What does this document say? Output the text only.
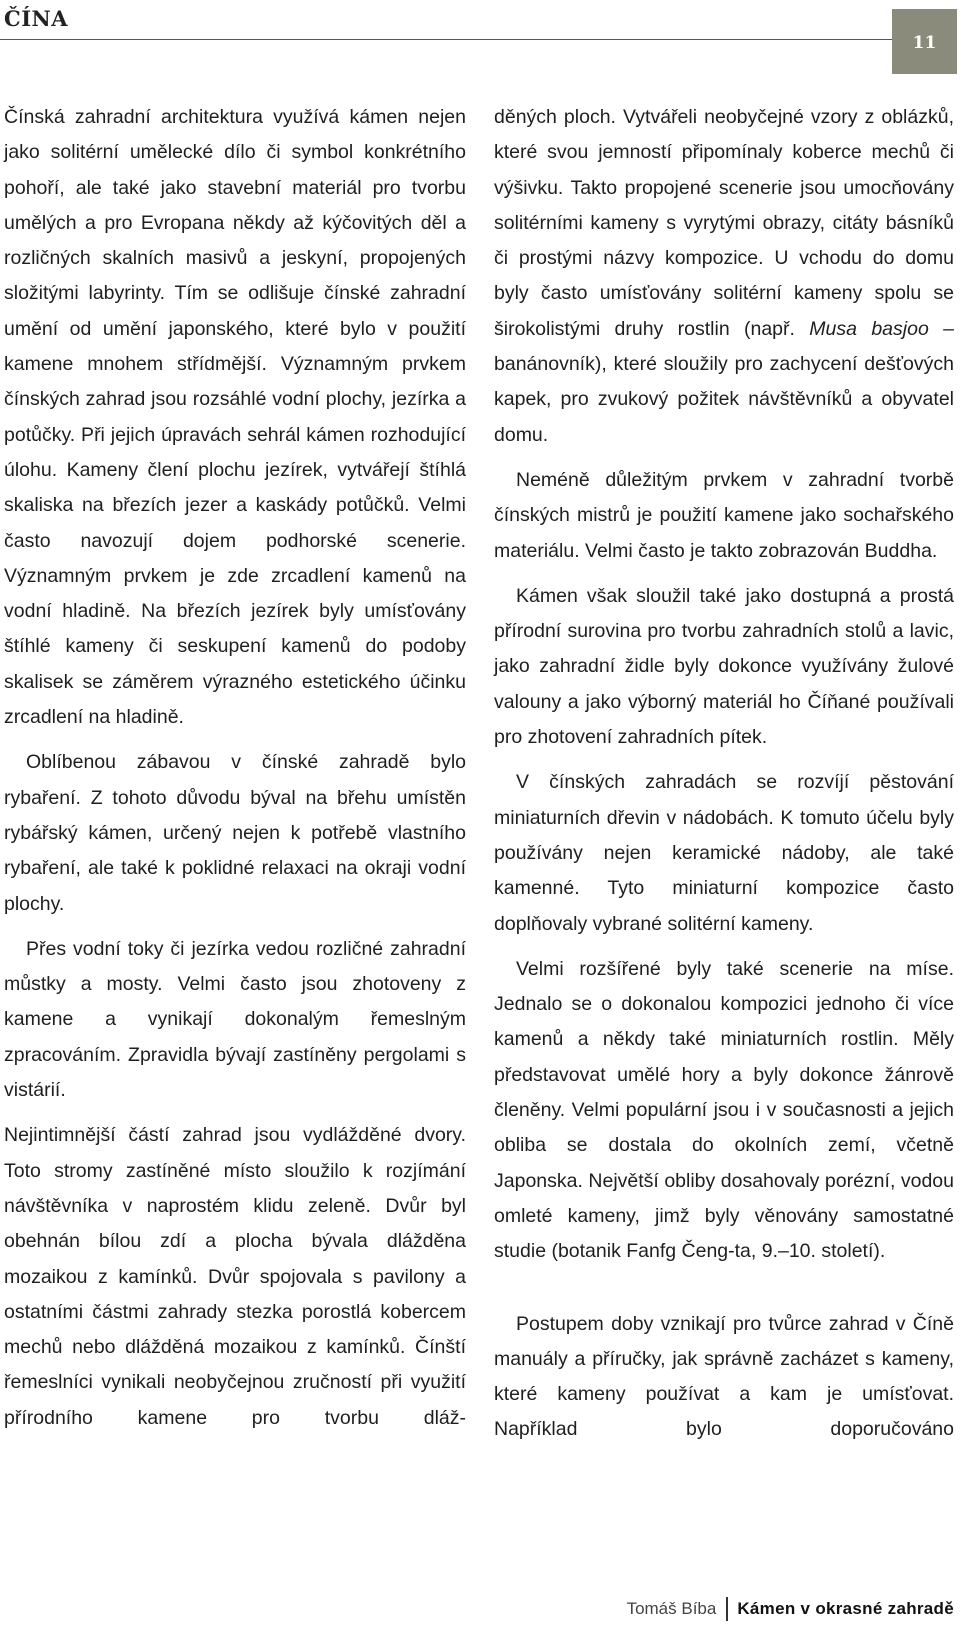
ČÍNA
11

Čínská zahradní architektura využívá kámen nejen jako solitérní umělecké dílo či symbol konkrétního pohoří, ale také jako stavební materiál pro tvorbu umělých a pro Evropana někdy až kýčovitých děl a rozličných skalních masivů a jeskyní, propojených složitými labyrinty. Tím se odlišuje čínské zahradní umění od umění japonského, které bylo v použití kamene mnohem střídmější. Významným prvkem čínských zahrad jsou rozsáhlé vodní plochy, jezírka a potůčky. Při jejich úpravách sehrál kámen rozhodující úlohu. Kameny člení plochu jezírek, vytvářejí štíhlá skaliska na březích jezer a kaskády potůčků. Velmi často navozují dojem podhorské scenerie. Významným prvkem je zde zrcadlení kamenů na vodní hladině. Na březích jezírek byly umísťovány štíhlé kameny či seskupení kamenů do podoby skalisek se záměrem výrazného estetického účinku zrcadlení na hladině.

Oblíbenou zábavou v čínské zahradě bylo rybaření. Z tohoto důvodu býval na břehu umístěn rybářský kámen, určený nejen k potřebě vlastního rybaření, ale také k poklidné relaxaci na okraji vodní plochy.

Přes vodní toky či jezírka vedou rozličné zahradní můstky a mosty. Velmi často jsou zhotoveny z kamene a vynikají dokonalým řemeslným zpracováním. Zpravidla bývají zastíněny pergolami s vistárií.

Nejintimnější částí zahrad jsou vydlážděné dvory. Toto stromy zastíněné místo sloužilo k rozjímání návštěvníka v naprostém klidu zeleně. Dvůr byl obehnán bílou zdí a plocha bývala dlážděna mozaikou z kamínků. Dvůr spojovala s pavilony a ostatními částmi zahrady stezka porostlá kobercem mechů nebo dlážděná mozaikou z kamínků. Čínští řemeslníci vynikali neobyčejnou zručností při využití přírodního kamene pro tvorbu dláž-

děných ploch. Vytvářeli neobyčejné vzory z oblázků, které svou jemností připomínaly koberce mechů či výšivku. Takto propojené scenerie jsou umocňovány solitérními kameny s vyrytými obrazy, citáty básníků či prostými názvy kompozice. U vchodu do domu byly často umísťovány solitérní kameny spolu se širokolistými druhy rostlin (např. Musa basjoo – banánovník), které sloužily pro zachycení dešťových kapek, pro zvukový požitek návštěvníků a obyvatel domu.

Neméně důležitým prvkem v zahradní tvorbě čínských mistrů je použití kamene jako sochařského materiálu. Velmi často je takto zobrazován Buddha.

Kámen však sloužil také jako dostupná a prostá přírodní surovina pro tvorbu zahradních stolů a lavic, jako zahradní židle byly dokonce využívány žulové valouny a jako výborný materiál ho Číňané používali pro zhotovení zahradních pítek.

V čínských zahradách se rozvíjí pěstování miniaturních dřevin v nádobách. K tomuto účelu byly používány nejen keramické nádoby, ale také kamenné. Tyto miniaturní kompozice často doplňovaly vybrané solitérní kameny.

Velmi rozšířené byly také scenerie na míse. Jednalo se o dokonalou kompozici jednoho či více kamenů a někdy také miniaturních rostlin. Měly představovat umělé hory a byly dokonce žánrově členěny. Velmi populární jsou i v současnosti a jejich obliba se dostala do okolních zemí, včetně Japonska. Největší obliby dosahovaly porézní, vodou omleté kameny, jimž byly věnovány samostatné studie (botanik Fanfg Čeng-ta, 9.–10. století).

Postupem doby vznikají pro tvůrce zahrad v Číně manuály a příručky, jak správně zacházet s kameny, které kameny používat a kam je umísťovat. Například bylo doporučováno

Tomáš Bíba Kámen v okrasné zahradě
